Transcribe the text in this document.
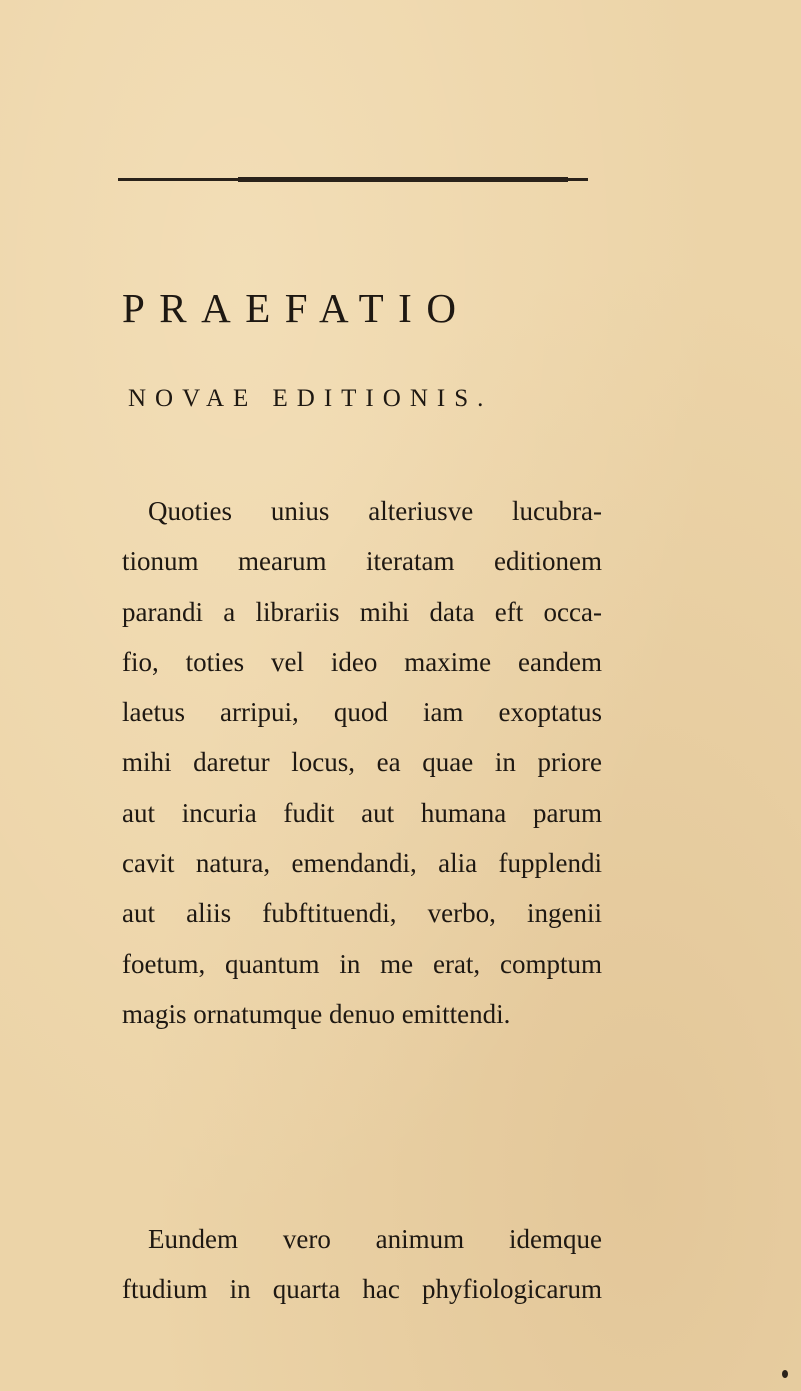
PRAEFATIO
NOVAE EDITIONIS.

Quoties unius alteriusve lucubra-
tionum mearum iteratam editionem
parandi a librariis mihi data eft occa-
fio, toties vel ideo maxime eandem
laetus arripui, quod iam exoptatus
mihi daretur locus, ea quae in priore
aut incuria fudit aut humana parum
cavit natura, emendandi, alia fupplendi
aut aliis fubftituendi, verbo, ingenii
foetum, quantum in me erat, comptum
magis ornatumque denuo emittendi.

Eundem vero animum idemque
ftudium in quarta hac phyfiologicarum
